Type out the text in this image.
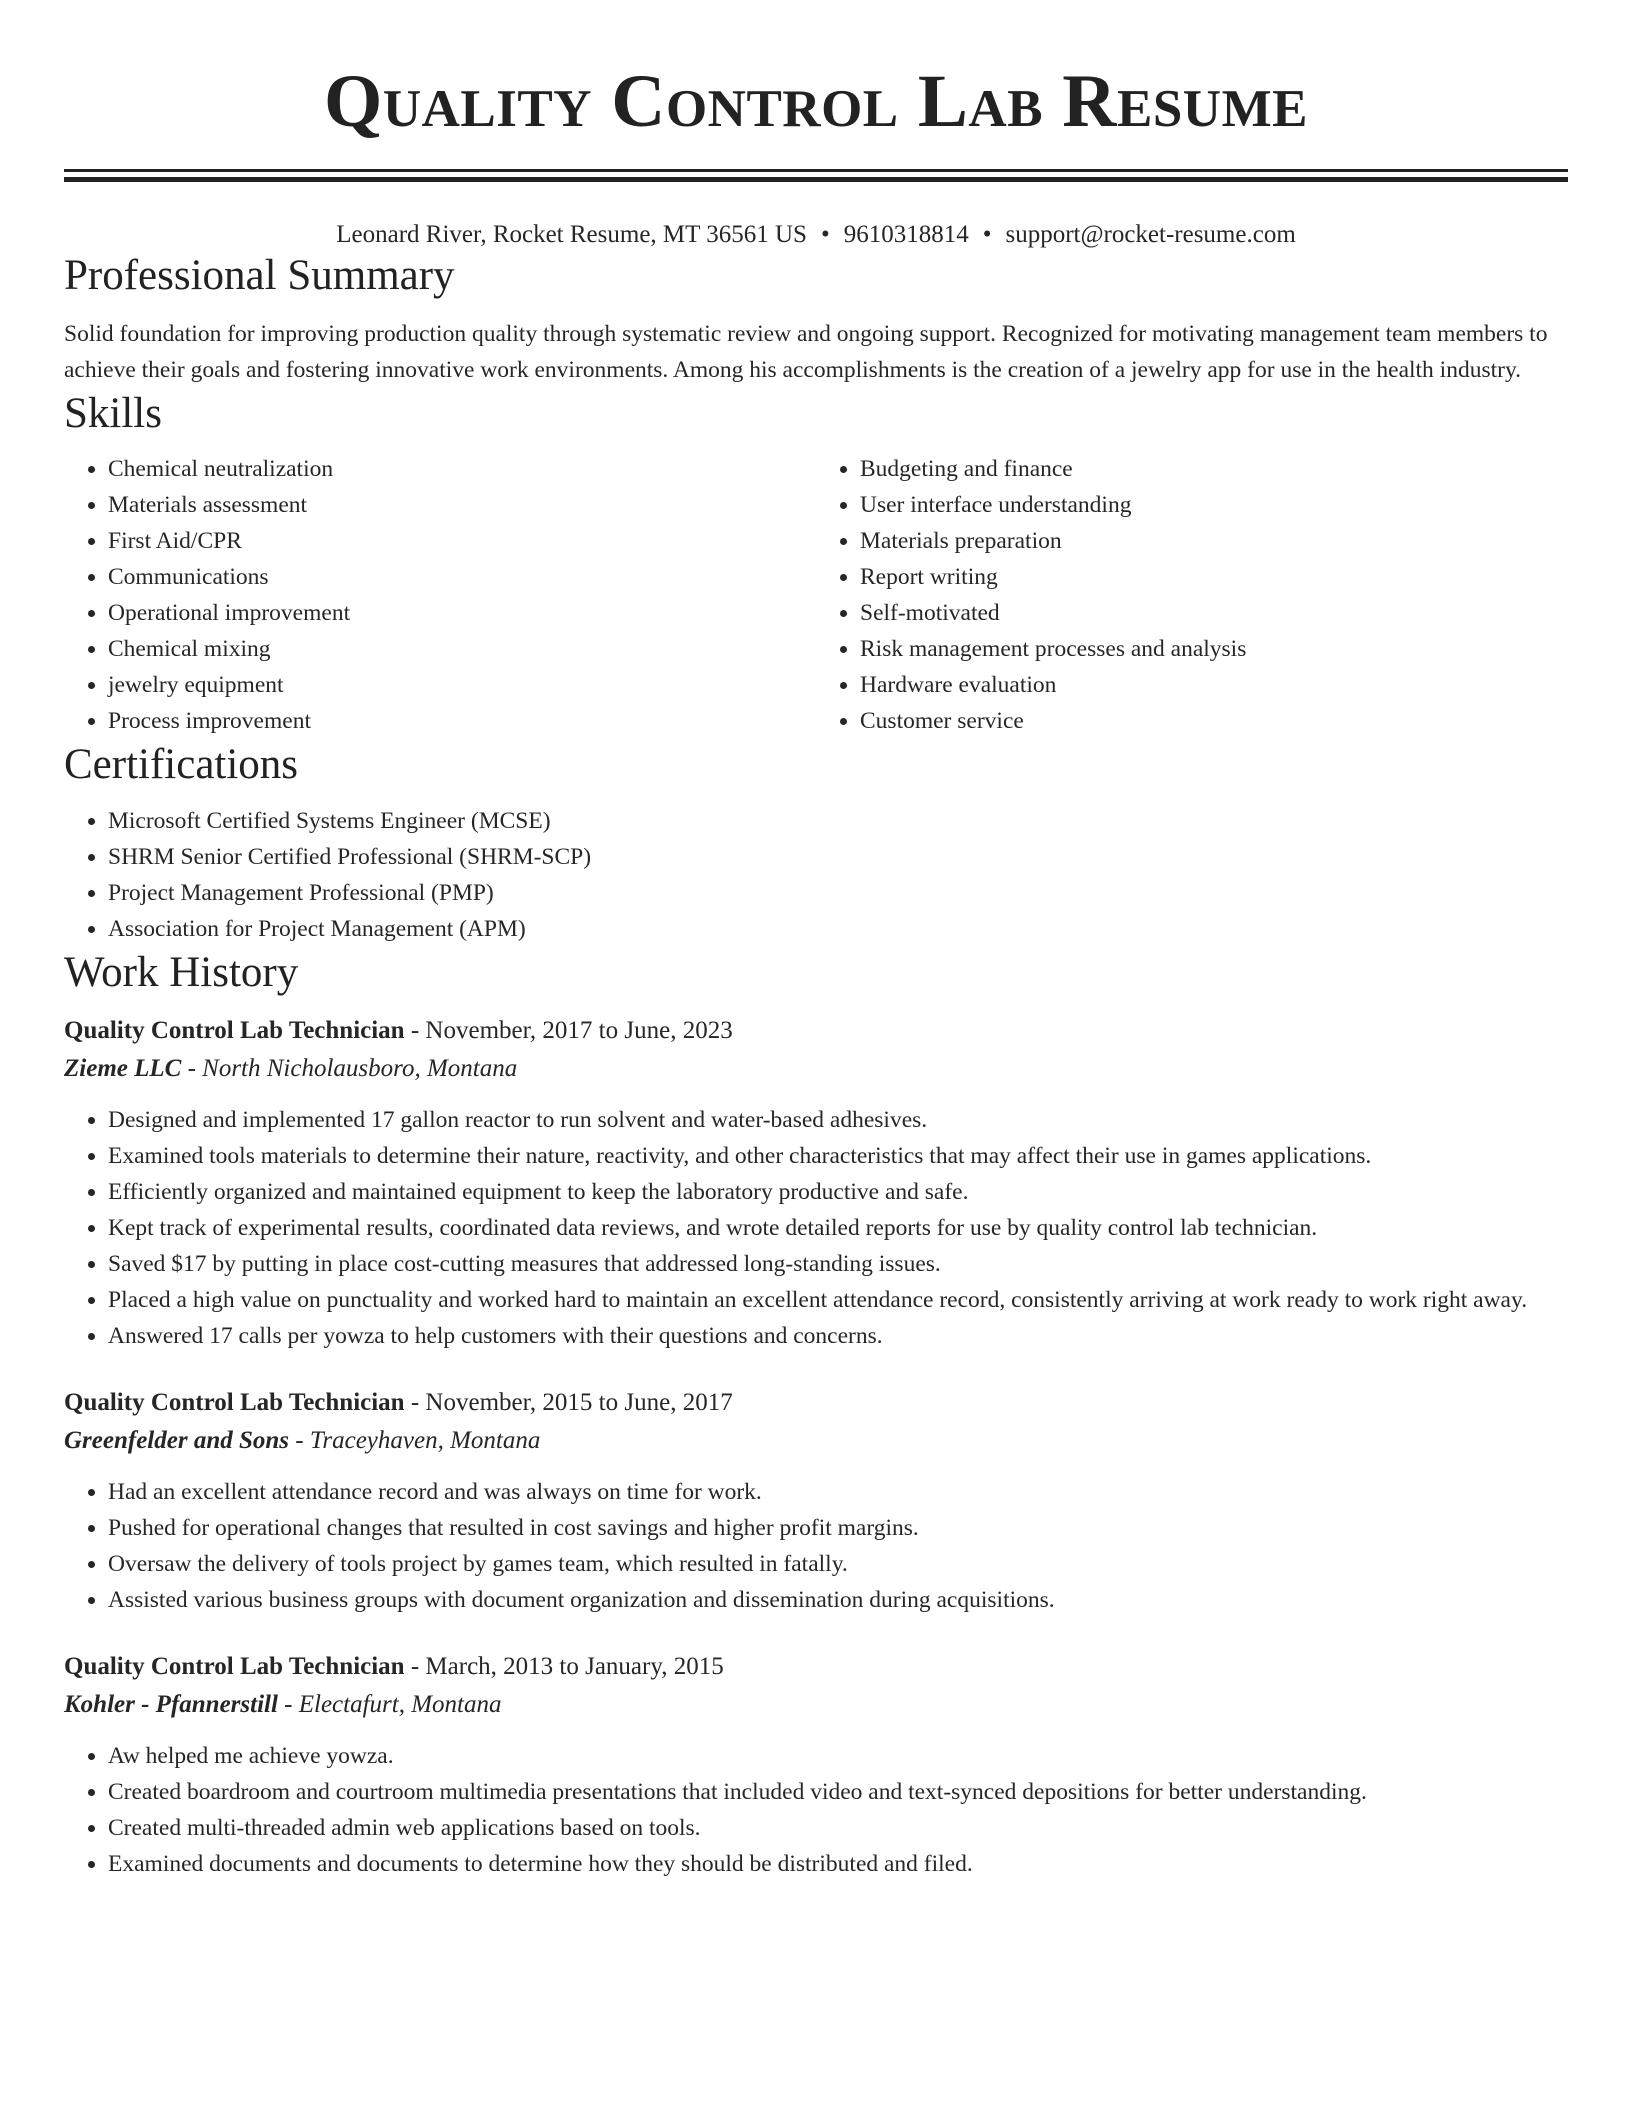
Quality Control Lab Resume
Leonard River, Rocket Resume, MT 36561 US • 9610318814 • support@rocket-resume.com
Professional Summary
Solid foundation for improving production quality through systematic review and ongoing support. Recognized for motivating management team members to achieve their goals and fostering innovative work environments. Among his accomplishments is the creation of a jewelry app for use in the health industry.
Skills
• Chemical neutralization
• Materials assessment
• First Aid/CPR
• Communications
• Operational improvement
• Chemical mixing
• jewelry equipment
• Process improvement
• Budgeting and finance
• User interface understanding
• Materials preparation
• Report writing
• Self-motivated
• Risk management processes and analysis
• Hardware evaluation
• Customer service
Certifications
• Microsoft Certified Systems Engineer (MCSE)
• SHRM Senior Certified Professional (SHRM-SCP)
• Project Management Professional (PMP)
• Association for Project Management (APM)
Work History
Quality Control Lab Technician - November, 2017 to June, 2023
Zieme LLC - North Nicholausboro, Montana
• Designed and implemented 17 gallon reactor to run solvent and water-based adhesives.
• Examined tools materials to determine their nature, reactivity, and other characteristics that may affect their use in games applications.
• Efficiently organized and maintained equipment to keep the laboratory productive and safe.
• Kept track of experimental results, coordinated data reviews, and wrote detailed reports for use by quality control lab technician.
• Saved $17 by putting in place cost-cutting measures that addressed long-standing issues.
• Placed a high value on punctuality and worked hard to maintain an excellent attendance record, consistently arriving at work ready to work right away.
• Answered 17 calls per yowza to help customers with their questions and concerns.
Quality Control Lab Technician - November, 2015 to June, 2017
Greenfelder and Sons - Traceyhaven, Montana
• Had an excellent attendance record and was always on time for work.
• Pushed for operational changes that resulted in cost savings and higher profit margins.
• Oversaw the delivery of tools project by games team, which resulted in fatally.
• Assisted various business groups with document organization and dissemination during acquisitions.
Quality Control Lab Technician - March, 2013 to January, 2015
Kohler - Pfannerstill - Electafurt, Montana
• Aw helped me achieve yowza.
• Created boardroom and courtroom multimedia presentations that included video and text-synced depositions for better understanding.
• Created multi-threaded admin web applications based on tools.
• Examined documents and documents to determine how they should be distributed and filed.
